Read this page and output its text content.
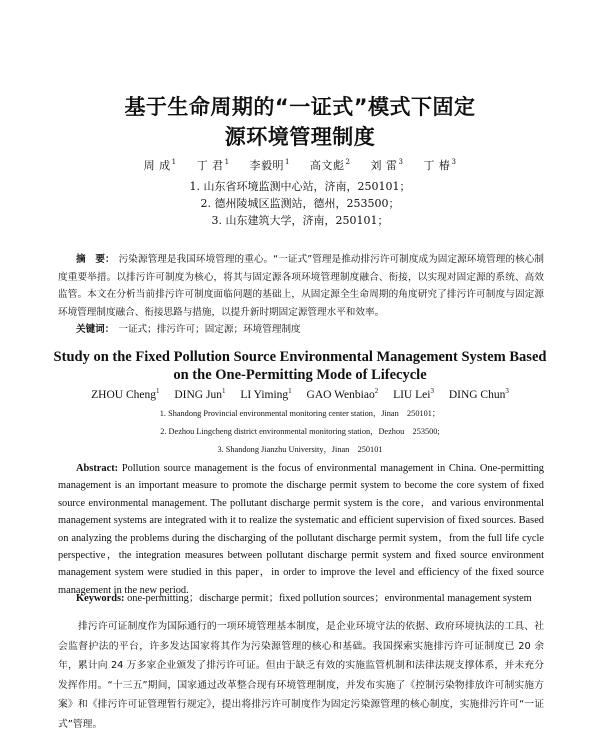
基于生命周期的“一证式”模式下固定
源环境管理制度
周 成$^1$ 丁 君$^1$ 李毅明$^1$ 高文彪$^2$ 刘 雷$^3$ 丁 椿$^3$
1. 山东省环境监测中心站，济南，250101；
2. 德州陵城区监测站，德州，253500；
3. 山东建筑大学，济南，250101；
摘　要： 污染源管理是我国环境管理的重心。“一证式”管理是推动排污许可制度成为固定源环境管理的核心制度重要举措。以排污许可制度为核心，将其与固定源各项环境管理制度融合、衔接，以实现对固定源的系统、高效监管。本文在分析当前排污许可制度面临问题的基础上，从固定源全生命周期的角度研究了排污许可制度与固定源环境管理制度融合、衔接思路与措施，以提升新时期固定源管理水平和效率。
关键词： 一证式；排污许可；固定源；环境管理制度
Study on the Fixed Pollution Source Environmental Management System Based
on the One-Permitting Mode of Lifecycle
ZHOU Cheng$^1$ DING Jun$^1$ LI Yiming$^1$ GAO Wenbiao$^2$ LIU Lei$^3$ DING Chun$^3$
1. Shandong Provincial environmental monitoring center station，Jinan　250101；
2. Dezhou Lingcheng district environmental monitoring station，Dezhou　253500;
3. Shandong Jianzhu University，Jinan　250101
Abstract: Pollution source management is the focus of environmental management in China. One-permitting management is an important measure to promote the discharge permit system to become the core system of fixed source environmental management. The pollutant discharge permit system is the core，and various environmental management systems are integrated with it to realize the systematic and efficient supervision of fixed sources. Based on analyzing the problems during the discharging of the pollutant discharge permit system，from the full life cycle perspective，the integration measures between pollutant discharge permit system and fixed source environment management system were studied in this paper，in order to improve the level and efficiency of the fixed source management in the new period.
Keywords: one-permitting；discharge permit；fixed pollution sources；environmental management system
排污许可证制度作为国际通行的一项环境管理基本制度，是企业环境守法的依据、政府环境执法的工具、社会监督护法的平台，许多发达国家将其作为污染源管理的核心和基础。我国探索实施排污许可证制度已 20 余年，累计向 24 万多家企业颁发了排污许可证。但由于缺乏有效的实施监管机制和法律法规支撑体系，并未充分发挥作用。“十三五”期间，国家通过改革整合现有环境管理制度，并发布实施了《控制污染物排放许可制实施方案》和《排污许可证管理暂行规定》，提出将排污许可制度作为固定污染源管理的核心制度，实施排污许可“一证式”管理。
